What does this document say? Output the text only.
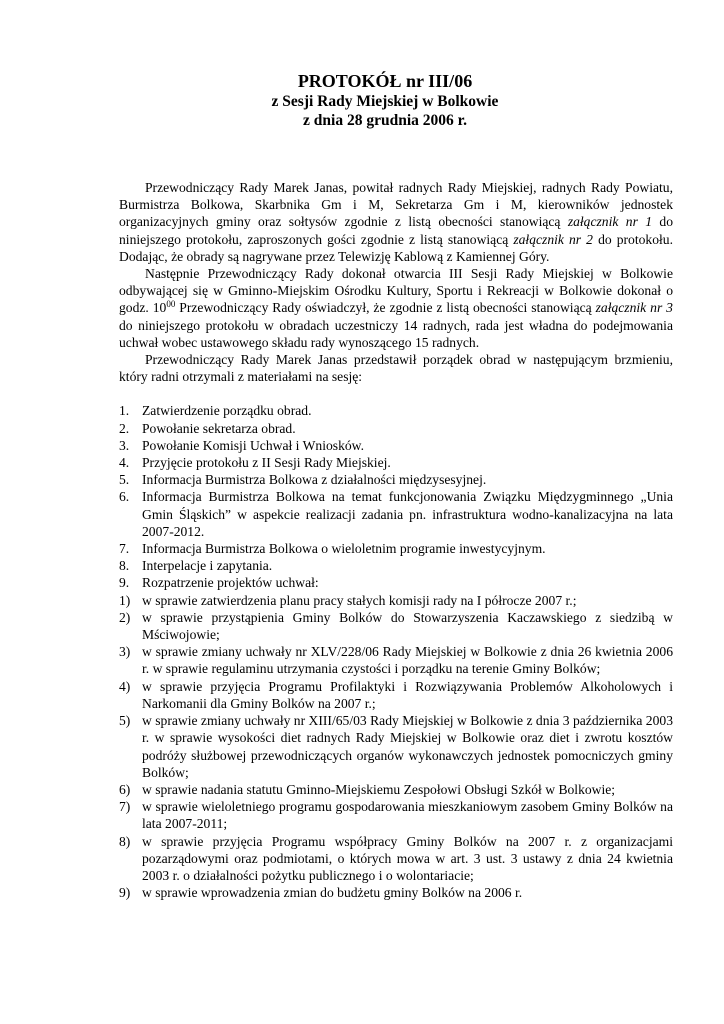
PROTOKÓŁ nr III/06
z Sesji Rady Miejskiej w Bolkowie
z dnia 28 grudnia 2006 r.

Przewodniczący Rady Marek Janas, powitał radnych Rady Miejskiej, radnych Rady Powiatu, Burmistrza Bolkowa, Skarbnika Gm i M, Sekretarza Gm i M, kierowników jednostek organizacyjnych gminy oraz sołtysów zgodnie z listą obecności stanowiącą załącznik nr 1 do niniejszego protokołu, zaproszonych gości zgodnie z listą stanowiącą załącznik nr 2 do protokołu. Dodając, że obrady są nagrywane przez Telewizję Kablową z Kamiennej Góry.

Następnie Przewodniczący Rady dokonał otwarcia III Sesji Rady Miejskiej w Bolkowie odbywającej się w Gminno-Miejskim Ośrodku Kultury, Sportu i Rekreacji w Bolkowie dokonał o godz. $10^{00}$ Przewodniczący Rady oświadczył, że zgodnie z listą obecności stanowiącą załącznik nr 3 do niniejszego protokołu w obradach uczestniczy 14 radnych, rada jest władna do podejmowania uchwał wobec ustawowego składu rady wynoszącego 15 radnych.

Przewodniczący Rady Marek Janas przedstawił porządek obrad w następującym brzmieniu, który radni otrzymali z materiałami na sesję:

1. Zatwierdzenie porządku obrad.
2. Powołanie sekretarza obrad.
3. Powołanie Komisji Uchwał i Wniosków.
4. Przyjęcie protokołu z II Sesji Rady Miejskiej.
5. Informacja Burmistrza Bolkowa z działalności międzysesyjnej.
6. Informacja Burmistrza Bolkowa na temat funkcjonowania Związku Międzygminnego „Unia Gmin Śląskich” w aspekcie realizacji zadania pn. infrastruktura wodno-kanalizacyjna na lata 2007-2012.
7. Informacja Burmistrza Bolkowa o wieloletnim programie inwestycyjnym.
8. Interpelacje i zapytania.
9. Rozpatrzenie projektów uchwał:
1) w sprawie zatwierdzenia planu pracy stałych komisji rady na I półrocze 2007 r.;
2) w sprawie przystąpienia Gminy Bolków do Stowarzyszenia Kaczawskiego z siedzibą w Mściwojowie;
3) w sprawie zmiany uchwały nr XLV/228/06 Rady Miejskiej w Bolkowie z dnia 26 kwietnia 2006 r. w sprawie regulaminu utrzymania czystości i porządku na terenie Gminy Bolków;
4) w sprawie przyjęcia Programu Profilaktyki i Rozwiązywania Problemów Alkoholowych i Narkomanii dla Gminy Bolków na 2007 r.;
5) w sprawie zmiany uchwały nr XIII/65/03 Rady Miejskiej w Bolkowie z dnia 3 października 2003 r. w sprawie wysokości diet radnych Rady Miejskiej w Bolkowie oraz diet i zwrotu kosztów podróży służbowej przewodniczących organów wykonawczych jednostek pomocniczych gminy Bolków;
6) w sprawie nadania statutu Gminno-Miejskiemu Zespołowi Obsługi Szkół w Bolkowie;
7) w sprawie wieloletniego programu gospodarowania mieszkaniowym zasobem Gminy Bolków na lata 2007-2011;
8) w sprawie przyjęcia Programu współpracy Gminy Bolków na 2007 r. z organizacjami pozarządowymi oraz podmiotami, o których mowa w art. 3 ust. 3 ustawy z dnia 24 kwietnia 2003 r. o działalności pożytku publicznego i o wolontariacie;
9) w sprawie wprowadzenia zmian do budżetu gminy Bolków na 2006 r.
